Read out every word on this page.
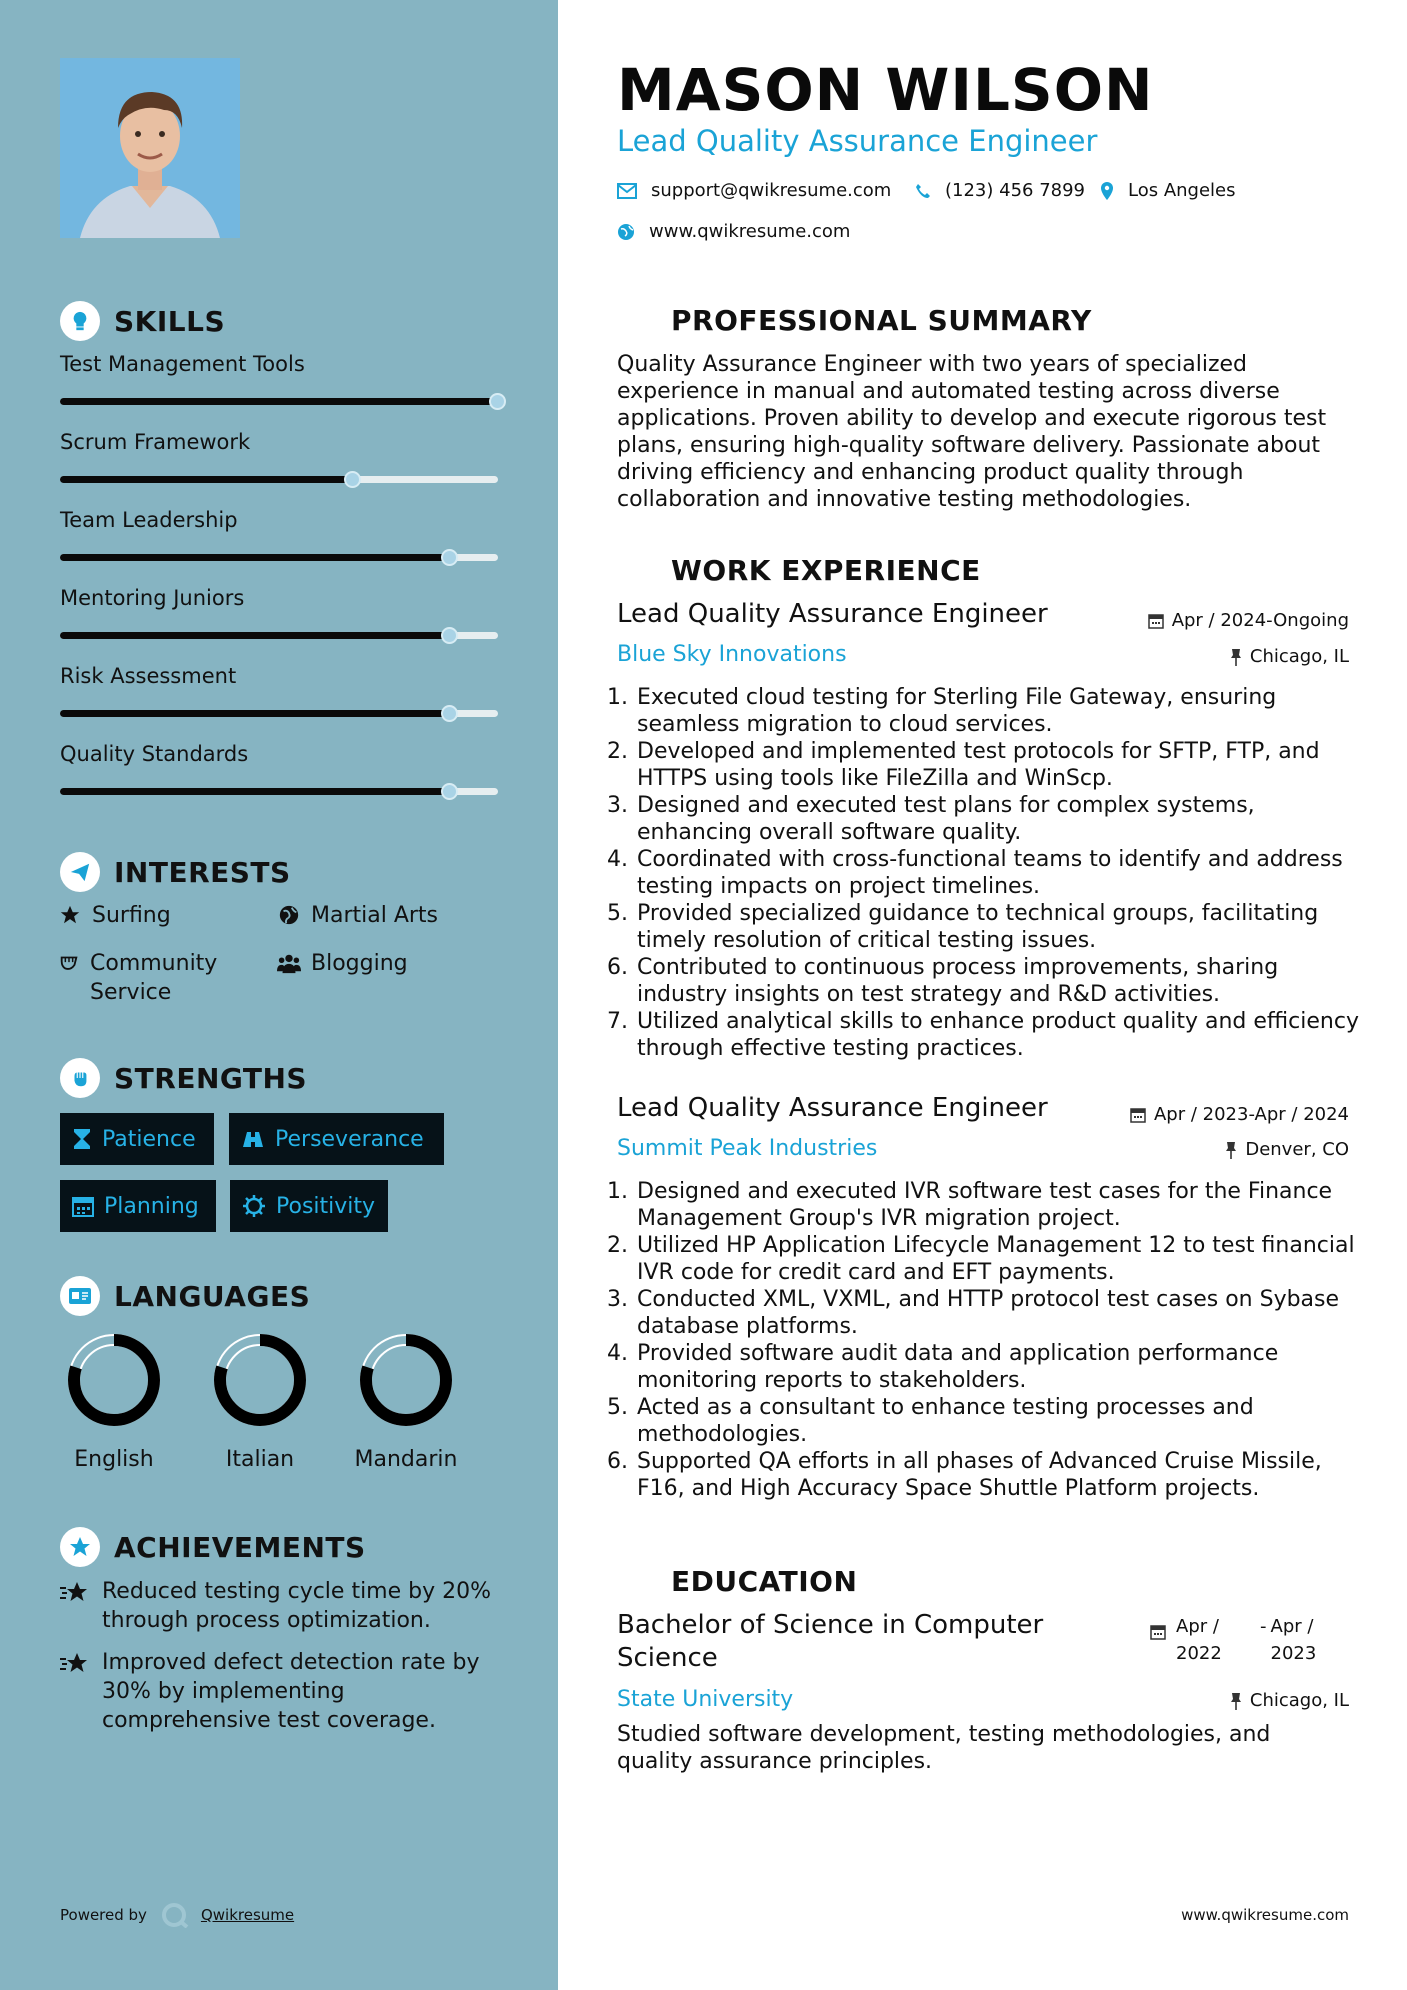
SKILLS
Test Management Tools
Scrum Framework
Team Leadership
Mentoring Juniors
Risk Assessment
Quality Standards
INTERESTS
Surfing	Martial Arts
Community Service
Blogging
STRENGTHS
Patience	Perseverance
Planning	Positivity
LANGUAGES
English	Italian	Mandarin
ACHIEVEMENTS
Reduced testing cycle time by 20% through process optimization.
Improved defect detection rate by 30% by implementing comprehensive test coverage.
Powered by	Qwikresume
MASON WILSON
Lead Quality Assurance Engineer
support@qwikresume.com	(123) 456 7899 Los Angeles
www.qwikresume.com
PROFESSIONAL SUMMARY
Quality Assurance Engineer with two years of specialized experience in manual and automated testing across diverse applications. Proven ability to develop and execute rigorous test plans, ensuring high-quality software delivery. Passionate about driving efficiency and enhancing product quality through collaboration and innovative testing methodologies.
WORK EXPERIENCE
Lead Quality Assurance Engineer	Apr / 2024-Ongoing
Blue Sky Innovations	Chicago, IL
1. Executed cloud testing for Sterling File Gateway, ensuring seamless migration to cloud services.
2. Developed and implemented test protocols for SFTP, FTP, and HTTPS using tools like FileZilla and WinScp.
3. Designed and executed test plans for complex systems, enhancing overall software quality.
4. Coordinated with cross-functional teams to identify and address testing impacts on project timelines.
5. Provided specialized guidance to technical groups, facilitating timely resolution of critical testing issues.
6. Contributed to continuous process improvements, sharing industry insights on test strategy and R&D activities.
7. Utilized analytical skills to enhance product quality and efficiency through effective testing practices.
Lead Quality Assurance Engineer	Apr / 2023-Apr / 2024
Summit Peak Industries	Denver, CO
1. Designed and executed IVR software test cases for the Finance Management Group's IVR migration project.
2. Utilized HP Application Lifecycle Management 12 to test financial IVR code for credit card and EFT payments.
3. Conducted XML, VXML, and HTTP protocol test cases on Sybase database platforms.
4. Provided software audit data and application performance monitoring reports to stakeholders.
5. Acted as a consultant to enhance testing processes and methodologies.
6. Supported QA efforts in all phases of Advanced Cruise Missile, F16, and High Accuracy Space Shuttle Platform projects.
EDUCATION
Bachelor of Science in Computer Science
Apr / 2022
- Apr / 2023
State University	Chicago, IL
Studied software development, testing methodologies, and quality assurance principles.
www.qwikresume.com
